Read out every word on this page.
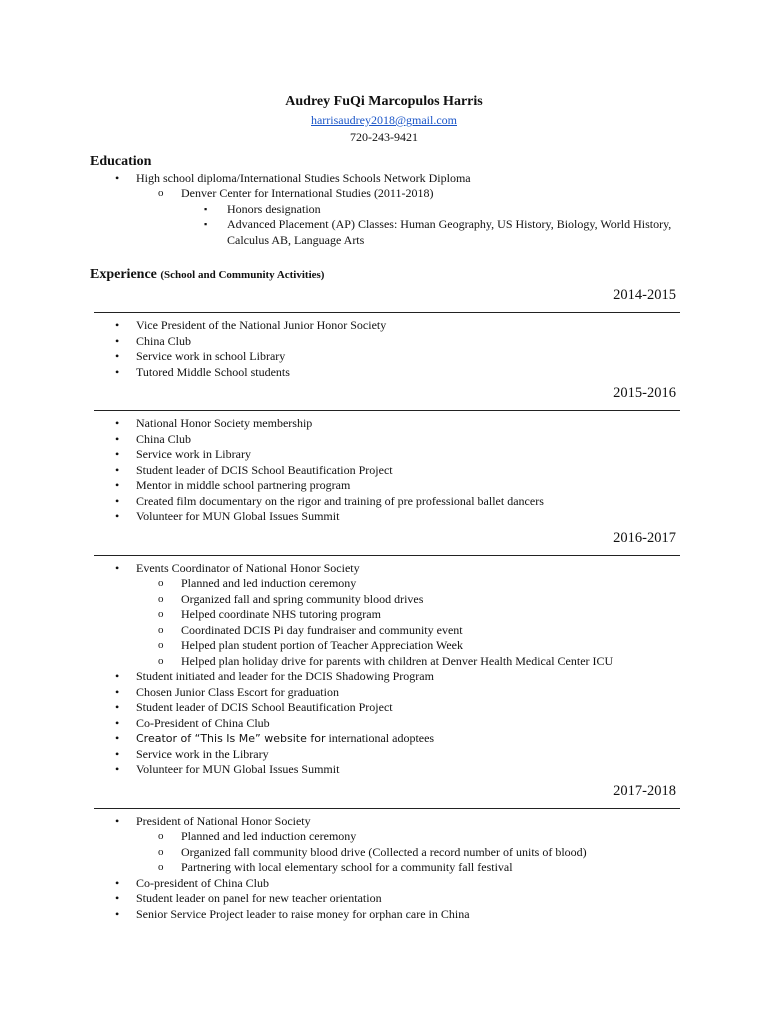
Audrey FuQi Marcopulos Harris
harrisaudrey2018@gmail.com
720-243-9421
Education
• High school diploma/International Studies Schools Network Diploma
o Denver Center for International Studies (2011-2018)
▪ Honors designation
▪ Advanced Placement (AP) Classes: Human Geography, US History, Biology, World History, Calculus AB, Language Arts
Experience (School and Community Activities)
2014-2015
• Vice President of the National Junior Honor Society
• China Club
• Service work in school Library
• Tutored Middle School students
2015-2016
• National Honor Society membership
• China Club
• Service work in Library
• Student leader of DCIS School Beautification Project
• Mentor in middle school partnering program
• Created film documentary on the rigor and training of pre professional ballet dancers
• Volunteer for MUN Global Issues Summit
2016-2017
• Events Coordinator of National Honor Society
o Planned and led induction ceremony
o Organized fall and spring community blood drives
o Helped coordinate NHS tutoring program
o Coordinated DCIS Pi day fundraiser and community event
o Helped plan student portion of Teacher Appreciation Week
o Helped plan holiday drive for parents with children at Denver Health Medical Center ICU
• Student initiated and leader for the DCIS Shadowing Program
• Chosen Junior Class Escort for graduation
• Student leader of DCIS School Beautification Project
• Co-President of China Club
• Creator of “This Is Me” website for international adoptees
• Service work in the Library
• Volunteer for MUN Global Issues Summit
2017-2018
• President of National Honor Society
o Planned and led induction ceremony
o Organized fall community blood drive (Collected a record number of units of blood)
o Partnering with local elementary school for a community fall festival
• Co-president of China Club
• Student leader on panel for new teacher orientation
• Senior Service Project leader to raise money for orphan care in China
